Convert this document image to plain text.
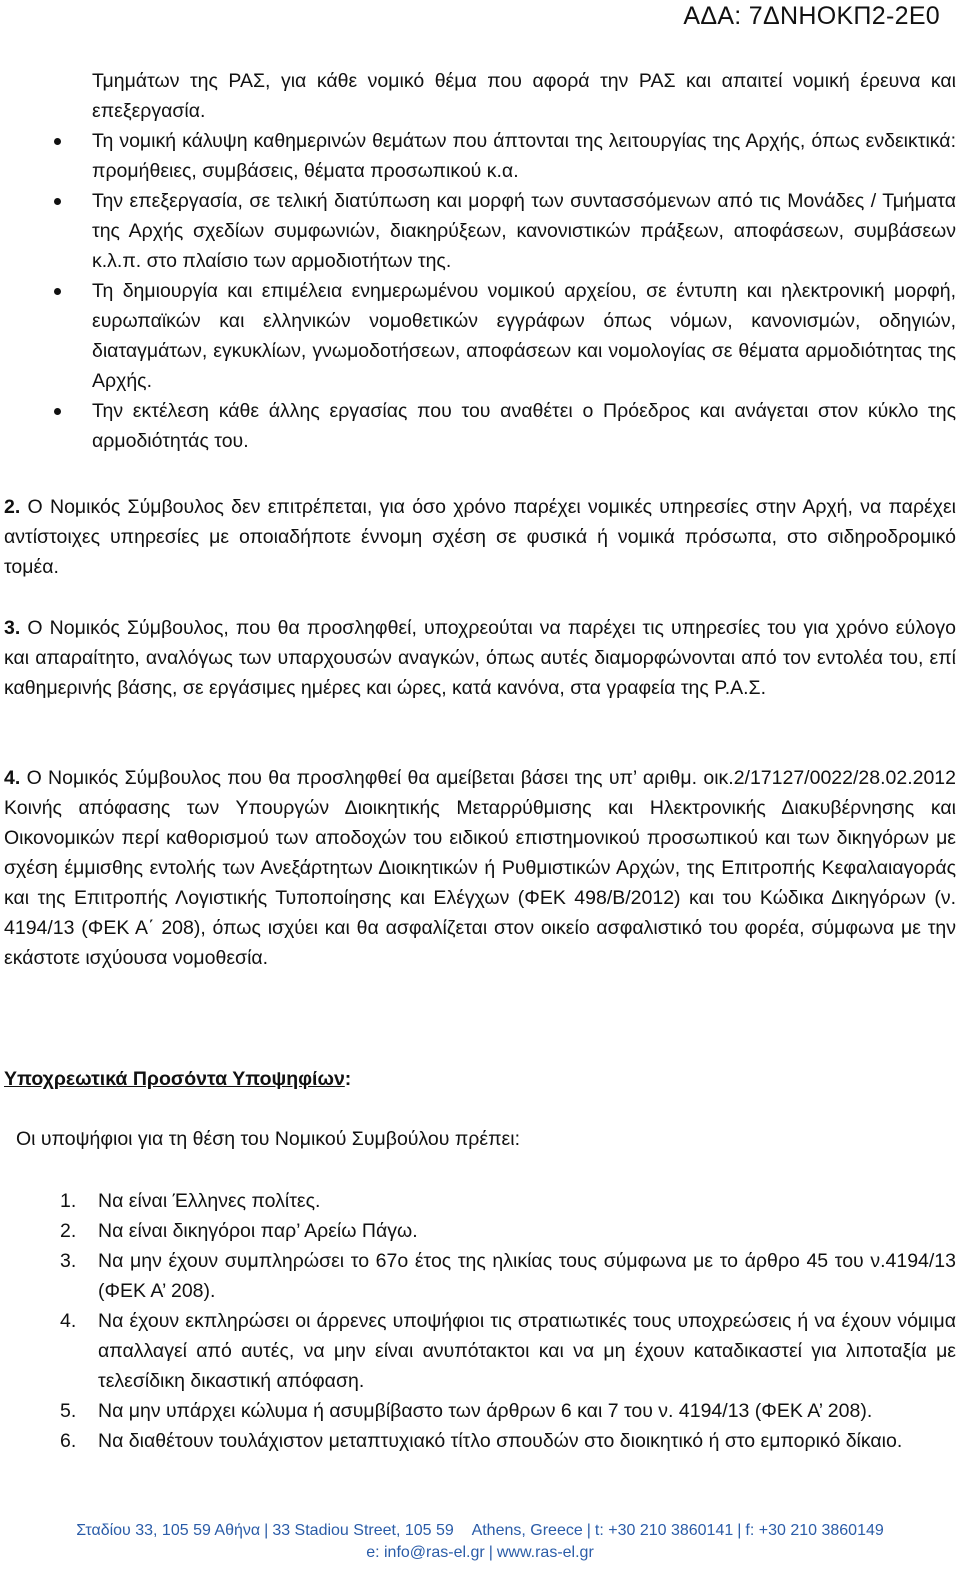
ΑΔΑ: 7ΔΝΗΟΚΠ2-2Ε0
Τμημάτων της ΡΑΣ, για κάθε νομικό θέμα που αφορά την ΡΑΣ και απαιτεί νομική έρευνα και επεξεργασία.
Τη νομική κάλυψη καθημερινών θεμάτων που άπτονται της λειτουργίας της Αρχής, όπως ενδεικτικά: προμήθειες, συμβάσεις, θέματα προσωπικού κ.α.
Την επεξεργασία, σε τελική διατύπωση και μορφή των συντασσόμενων από τις Μονάδες / Τμήματα της Αρχής σχεδίων συμφωνιών, διακηρύξεων, κανονιστικών πράξεων, αποφάσεων, συμβάσεων κ.λ.π. στο πλαίσιο των αρμοδιοτήτων της.
Τη δημιουργία και επιμέλεια ενημερωμένου νομικού αρχείου, σε έντυπη και ηλεκτρονική μορφή, ευρωπαϊκών και ελληνικών νομοθετικών εγγράφων όπως νόμων, κανονισμών, οδηγιών, διαταγμάτων, εγκυκλίων, γνωμοδοτήσεων, αποφάσεων και νομολογίας σε θέματα αρμοδιότητας της Αρχής.
Την εκτέλεση κάθε άλλης εργασίας που του αναθέτει ο Πρόεδρος και ανάγεται στον κύκλο της αρμοδιότητάς του.
2. Ο Νομικός Σύμβουλος δεν επιτρέπεται, για όσο χρόνο παρέχει νομικές υπηρεσίες στην Αρχή, να παρέχει αντίστοιχες υπηρεσίες με οποιαδήποτε έννομη σχέση σε φυσικά ή νομικά πρόσωπα, στο σιδηροδρομικό τομέα.
3. Ο Νομικός Σύμβουλος, που θα προσληφθεί, υποχρεούται να παρέχει τις υπηρεσίες του για χρόνο εύλογο και απαραίτητο, αναλόγως των υπαρχουσών αναγκών, όπως αυτές διαμορφώνονται από τον εντολέα του, επί καθημερινής βάσης, σε εργάσιμες ημέρες και ώρες, κατά κανόνα, στα γραφεία της Ρ.Α.Σ.
4. Ο Νομικός Σύμβουλος που θα προσληφθεί θα αμείβεται βάσει της υπ’ αριθμ. οικ.2/17127/0022/28.02.2012 Κοινής απόφασης των Υπουργών Διοικητικής Μεταρρύθμισης και Ηλεκτρονικής Διακυβέρνησης και Οικονομικών περί καθορισμού των αποδοχών του ειδικού επιστημονικού προσωπικού και των δικηγόρων με σχέση έμμισθης εντολής των Ανεξάρτητων Διοικητικών ή Ρυθμιστικών Αρχών, της Επιτροπής Κεφαλαιαγοράς και της Επιτροπής Λογιστικής Τυποποίησης και Ελέγχων (ΦΕΚ 498/Β/2012) και του Κώδικα Δικηγόρων (ν. 4194/13 (ΦΕΚ Α΄ 208), όπως ισχύει και θα ασφαλίζεται στον οικείο ασφαλιστικό του φορέα, σύμφωνα με την εκάστοτε ισχύουσα νομοθεσία.
Υποχρεωτικά Προσόντα Υποψηφίων:
Οι υποψήφιοι για τη θέση του Νομικού Συμβούλου πρέπει:
1. Να είναι Έλληνες πολίτες.
2. Να είναι δικηγόροι παρ’ Αρείω Πάγω.
3. Να μην έχουν συμπληρώσει το 67ο έτος της ηλικίας τους σύμφωνα με το άρθρο 45 του ν.4194/13 (ΦΕΚ Α’ 208).
4. Να έχουν εκπληρώσει οι άρρενες υποψήφιοι τις στρατιωτικές τους υποχρεώσεις ή να έχουν νόμιμα απαλλαγεί από αυτές, να μην είναι ανυπότακτοι και να μη έχουν καταδικαστεί για λιποταξία με τελεσίδικη δικαστική απόφαση.
5. Να μην υπάρχει κώλυμα ή ασυμβίβαστο των άρθρων 6 και 7 του ν. 4194/13 (ΦΕΚ Α’ 208).
6. Να διαθέτουν τουλάχιστον μεταπτυχιακό τίτλο σπουδών στο διοικητικό ή στο εμπορικό δίκαιο.
Σταδίου 33, 105 59 Αθήνα | 33 Stadiou Street, 105 59 Athens, Greece | t: +30 210 3860141 | f: +30 210 3860149
e: info@ras-el.gr | www.ras-el.gr
